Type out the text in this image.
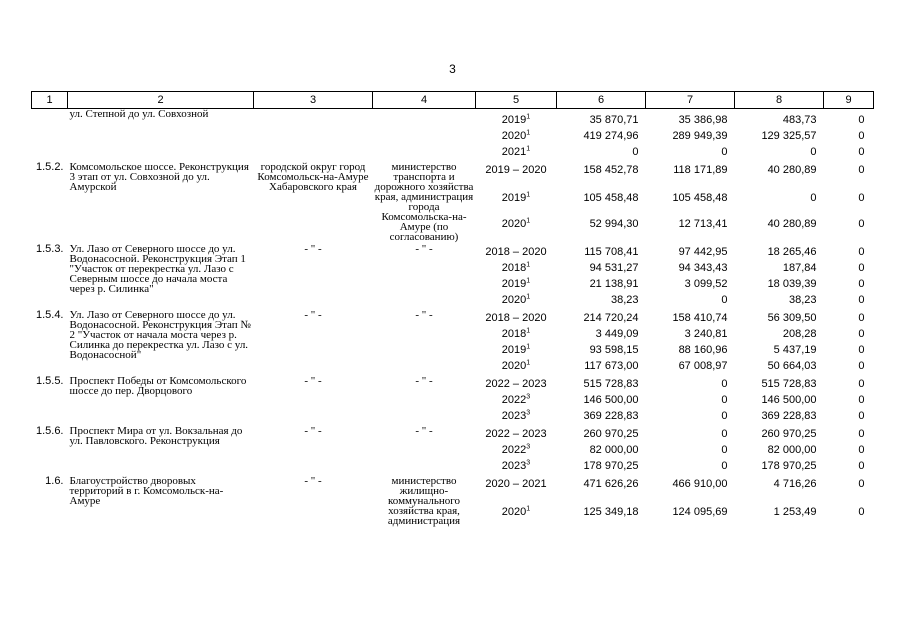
3
1	2	3	4	5	6	7	8	9
	ул. Степной до ул. Совхозной			2019$^1$	35 870,71	35 386,98	483,73	0
				2020$^1$	419 274,96	289 949,39	129 325,57	0
				2021$^1$	0	0	0	0
1.5.2.	Комсомольское шоссе. Реконструкция 3 этап от ул. Совхозной до ул. Амурской	городской округ город Комсомольск-на-Амуре Хабаровского края	министерство транспорта и дорожного хозяйства края, администрация города Комсомольска-на-Амуре (по согласованию)	2019 – 2020	158 452,78	118 171,89	40 280,89	0
				2019$^1$	105 458,48	105 458,48	0	0
				2020$^1$	52 994,30	12 713,41	40 280,89	0
1.5.3.	Ул. Лазо от Северного шоссе до ул. Водонасосной. Реконструкция Этап 1 "Участок от перекрестка ул. Лазо с Северным шоссе до начала моста через р. Силинка"	- " -	- " -	2018 – 2020	115 708,41	97 442,95	18 265,46	0
				2018$^1$	94 531,27	94 343,43	187,84	0
				2019$^1$	21 138,91	3 099,52	18 039,39	0
				2020$^1$	38,23	0	38,23	0
1.5.4.	Ул. Лазо от Северного шоссе до ул. Водонасосной. Реконструкция Этап № 2 "Участок от начала моста через р. Силинка до перекрестка ул. Лазо с ул. Водонасосной"	- " -	- " -	2018 – 2020	214 720,24	158 410,74	56 309,50	0
				2018$^1$	3 449,09	3 240,81	208,28	0
				2019$^1$	93 598,15	88 160,96	5 437,19	0
				2020$^1$	117 673,00	67 008,97	50 664,03	0
1.5.5.	Проспект Победы от Комсомольского шоссе до пер. Дворцового	- " -	- " -	2022 – 2023	515 728,83	0	515 728,83	0
				2022$^3$	146 500,00	0	146 500,00	0
				2023$^3$	369 228,83	0	369 228,83	0
1.5.6.	Проспект Мира от ул. Вокзальная до ул. Павловского. Реконструкция	- " -	- " -	2022 – 2023	260 970,25	0	260 970,25	0
				2022$^3$	82 000,00	0	82 000,00	0
				2023$^3$	178 970,25	0	178 970,25	0
1.6.	Благоустройство дворовых территорий в г. Комсомольск-на-Амуре	- " -	министерство жилищно-коммунального хозяйства края, администрация	2020 – 2021	471 626,26	466 910,00	4 716,26	0
				2020$^1$	125 349,18	124 095,69	1 253,49	0
